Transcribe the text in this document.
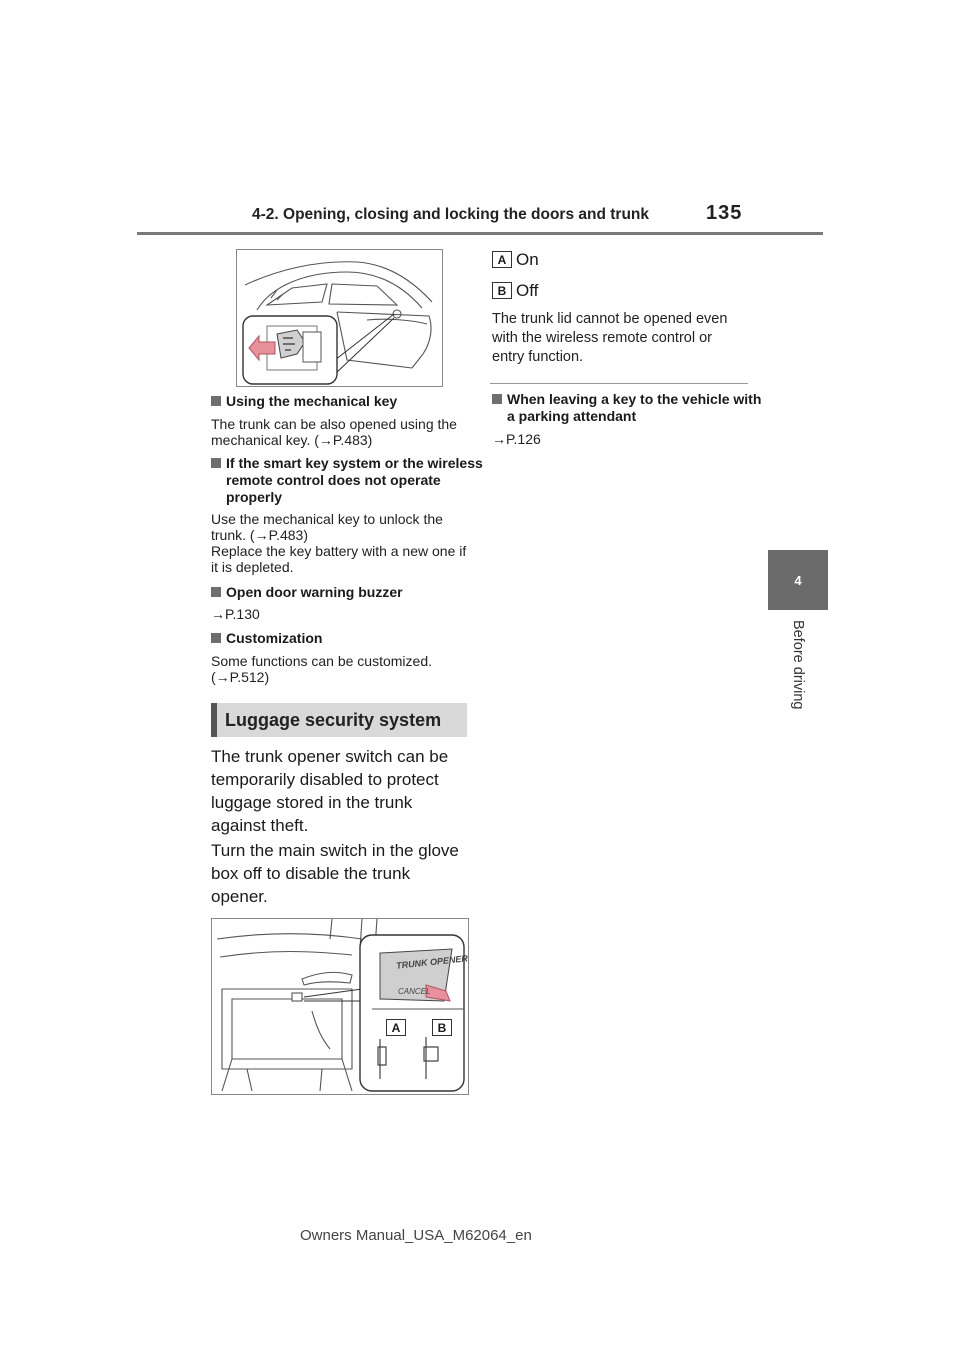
4-2. Opening, closing and locking the doors and trunk	135
4
Before driving
Using the mechanical key
The trunk can be also opened using the mechanical key. (→P.483)
If the smart key system or the wireless remote control does not operate properly
Use the mechanical key to unlock the trunk. (→P.483)
Replace the key battery with a new one if it is depleted.
Open door warning buzzer
→P.130
Customization
Some functions can be customized. (→P.512)
Luggage security system
The trunk opener switch can be temporarily disabled to protect luggage stored in the trunk against theft.
Turn the main switch in the glove box off to disable the trunk opener.
TRUNK OPENER
CANCEL
A	B
A On
B Off
The trunk lid cannot be opened even with the wireless remote control or entry function.
When leaving a key to the vehicle with a parking attendant
→P.126
Owners Manual_USA_M62064_en
